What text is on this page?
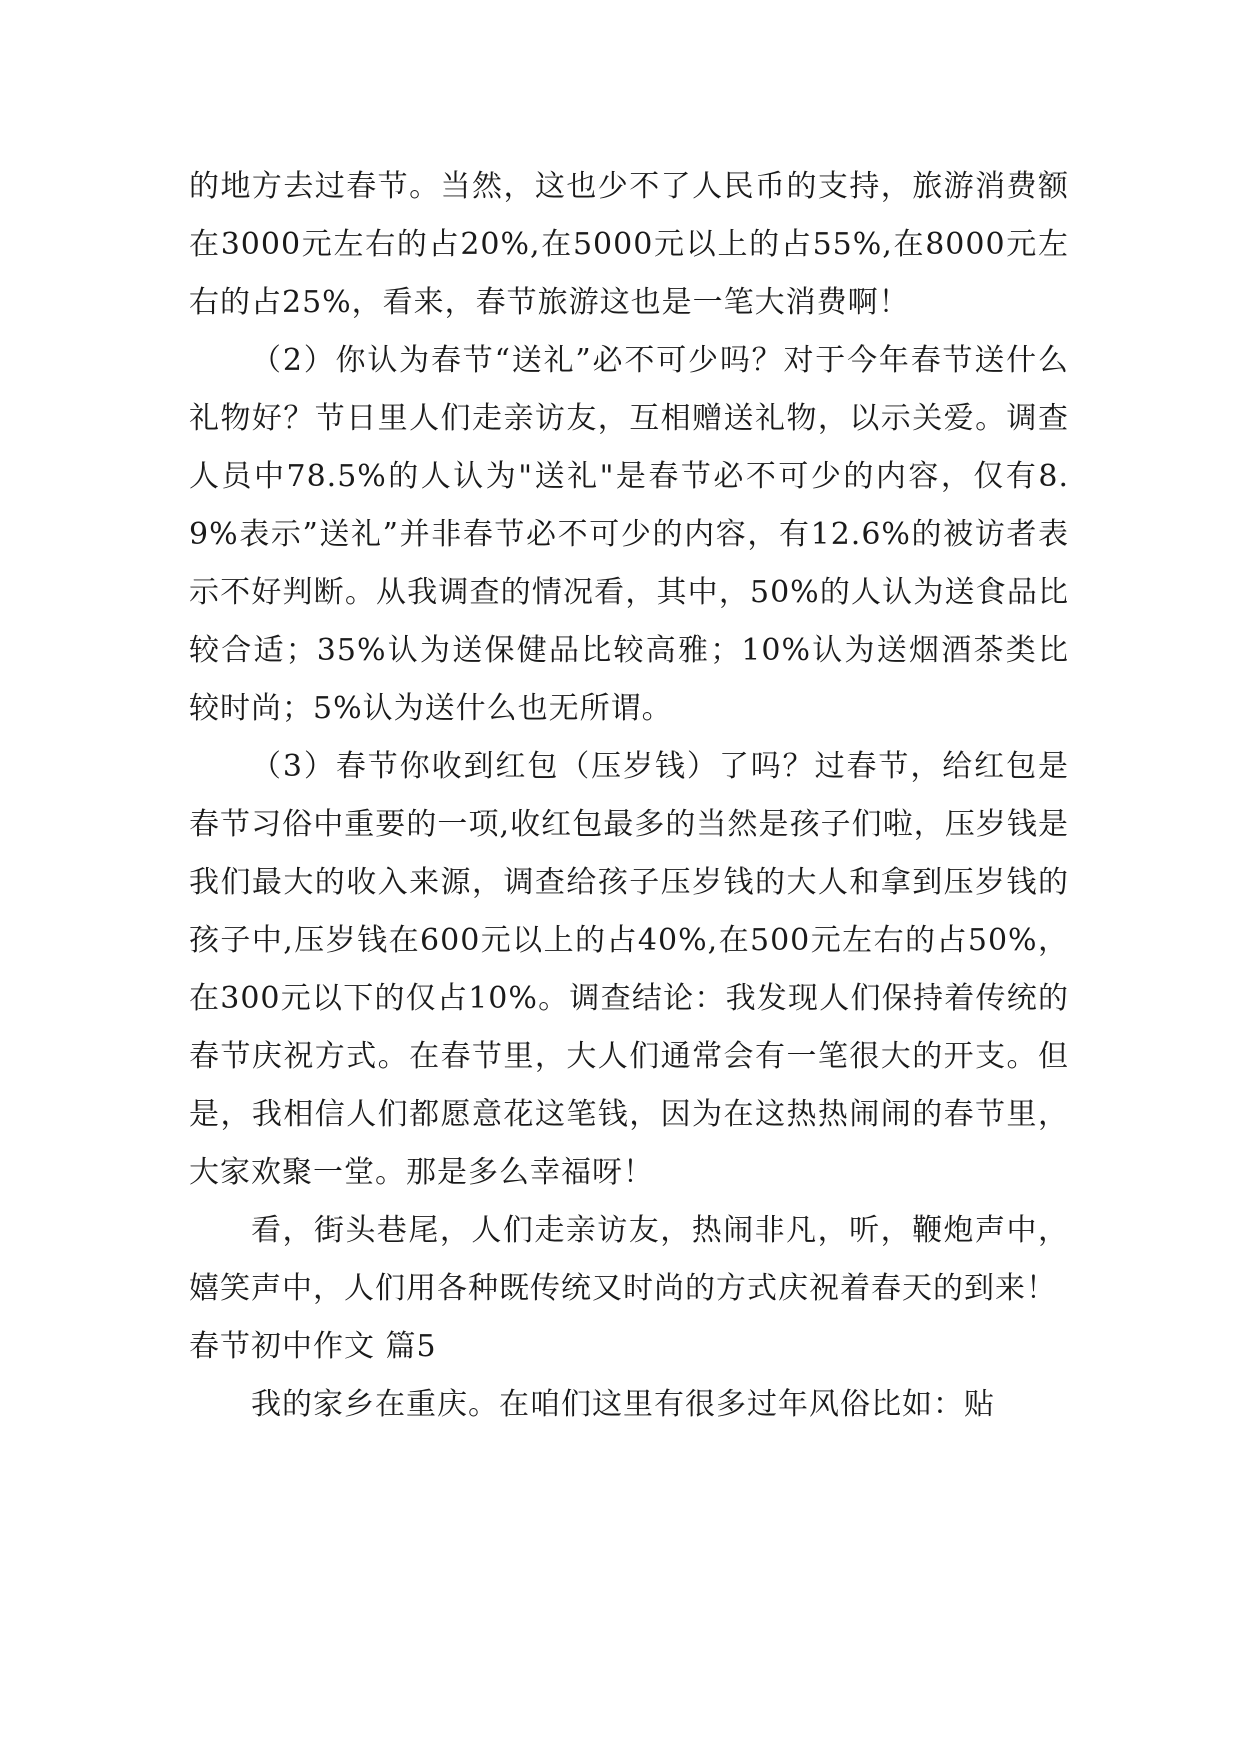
的地方去过春节。当然，这也少不了人民币的支持，旅游消费额在3000元左右的占20%,在5000元以上的占55%,在8000元左右的占25%，看来，春节旅游这也是一笔大消费啊！

（2）你认为春节“送礼”必不可少吗？对于今年春节送什么礼物好？节日里人们走亲访友，互相赠送礼物，以示关爱。调查人员中78.5%的人认为"送礼"是春节必不可少的内容，仅有8.9%表示”送礼”并非春节必不可少的内容，有12.6%的被访者表示不好判断。从我调查的情况看，其中，50%的人认为送食品比较合适；35%认为送保健品比较高雅；10%认为送烟酒茶类比较时尚；5%认为送什么也无所谓。

（3）春节你收到红包（压岁钱）了吗？过春节，给红包是春节习俗中重要的一项,收红包最多的当然是孩子们啦，压岁钱是我们最大的收入来源，调查给孩子压岁钱的大人和拿到压岁钱的孩子中,压岁钱在600元以上的占40%,在500元左右的占50%，在300元以下的仅占10%。调查结论：我发现人们保持着传统的春节庆祝方式。在春节里，大人们通常会有一笔很大的开支。但是，我相信人们都愿意花这笔钱，因为在这热热闹闹的春节里，大家欢聚一堂。那是多么幸福呀！

看，街头巷尾，人们走亲访友，热闹非凡，听，鞭炮声中，嬉笑声中，人们用各种既传统又时尚的方式庆祝着春天的到来！

春节初中作文 篇5

我的家乡在重庆。在咱们这里有很多过年风俗比如：贴
